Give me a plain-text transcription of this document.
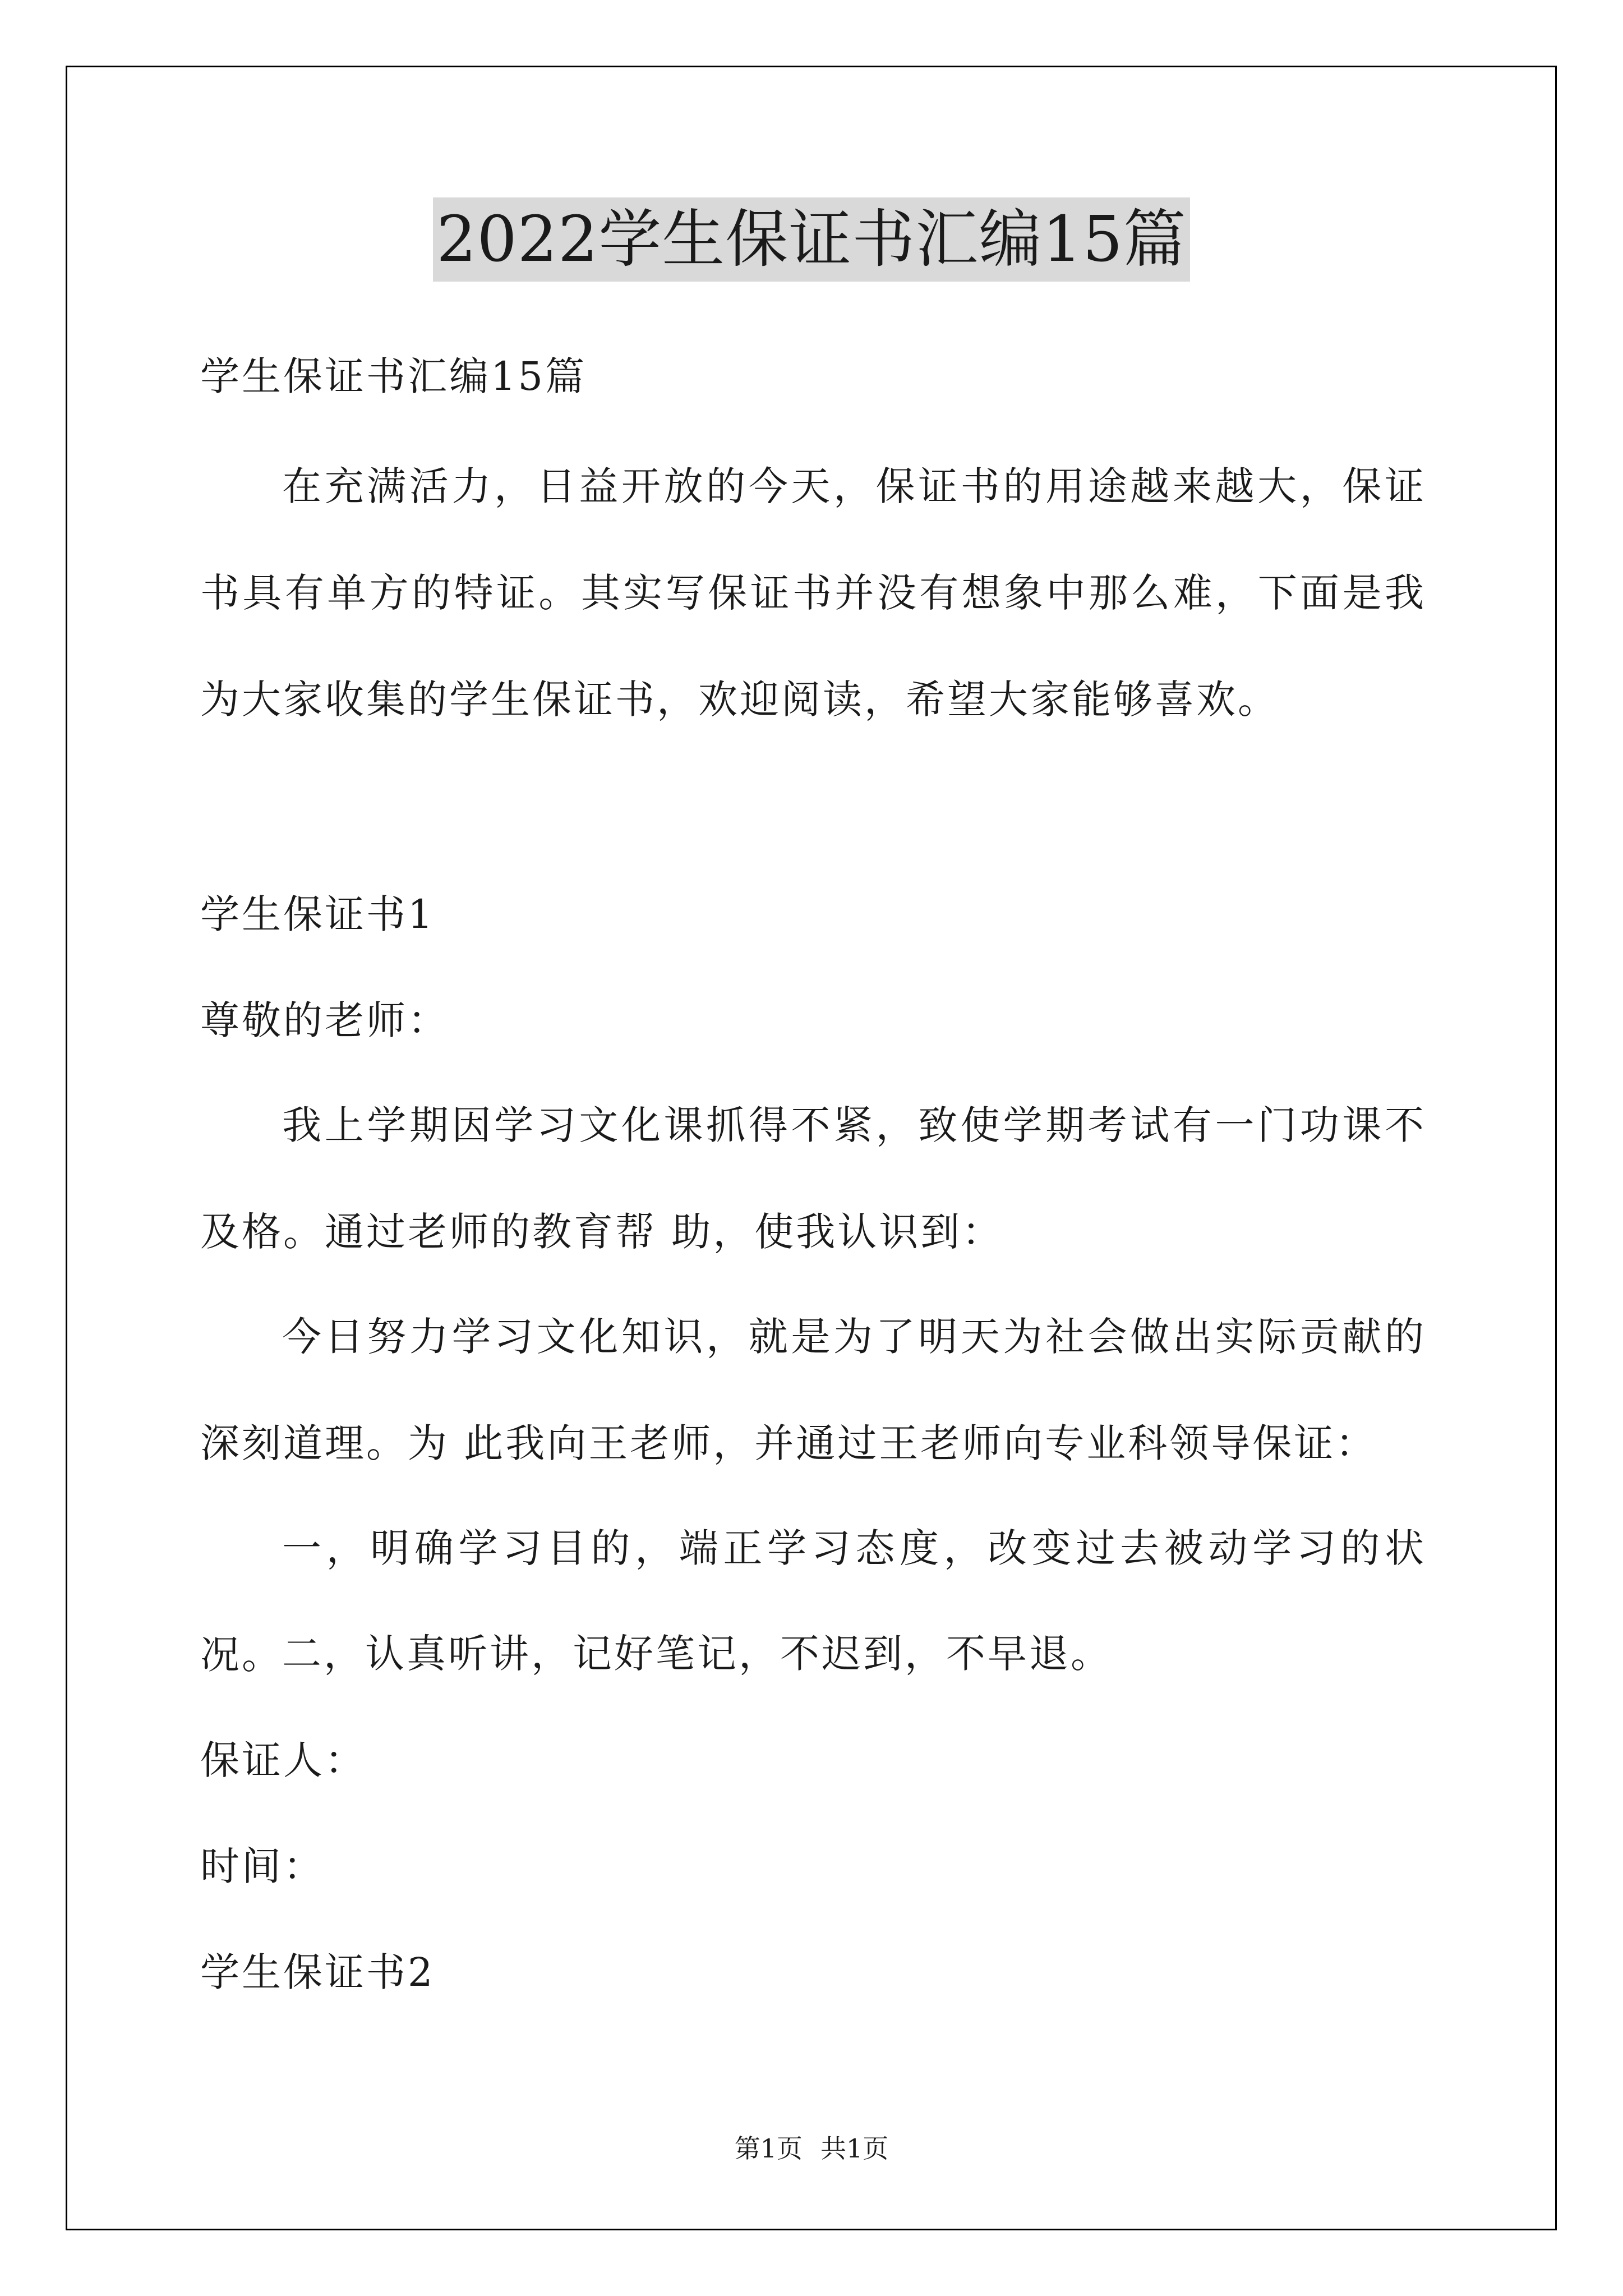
2022学生保证书汇编15篇
学生保证书汇编15篇

在充满活力，日益开放的今天，保证书的用途越来越大，保证书具有单方的特证。其实写保证书并没有想象中那么难，下面是我为大家收集的学生保证书，欢迎阅读，希望大家能够喜欢。

学生保证书1
尊敬的老师：

我上学期因学习文化课抓得不紧，致使学期考试有一门功课不及格。通过老师的教育帮 助，使我认识到：

今日努力学习文化知识，就是为了明天为社会做出实际贡献的深刻道理。为 此我向王老师，并通过王老师向专业科领导保证：

一，明确学习目的，端正学习态度，改变过去被动学习的状况。

二，认真听讲，记好笔记，不迟到，不早退。

保证人：
时间：
学生保证书2
第1页 共1页
